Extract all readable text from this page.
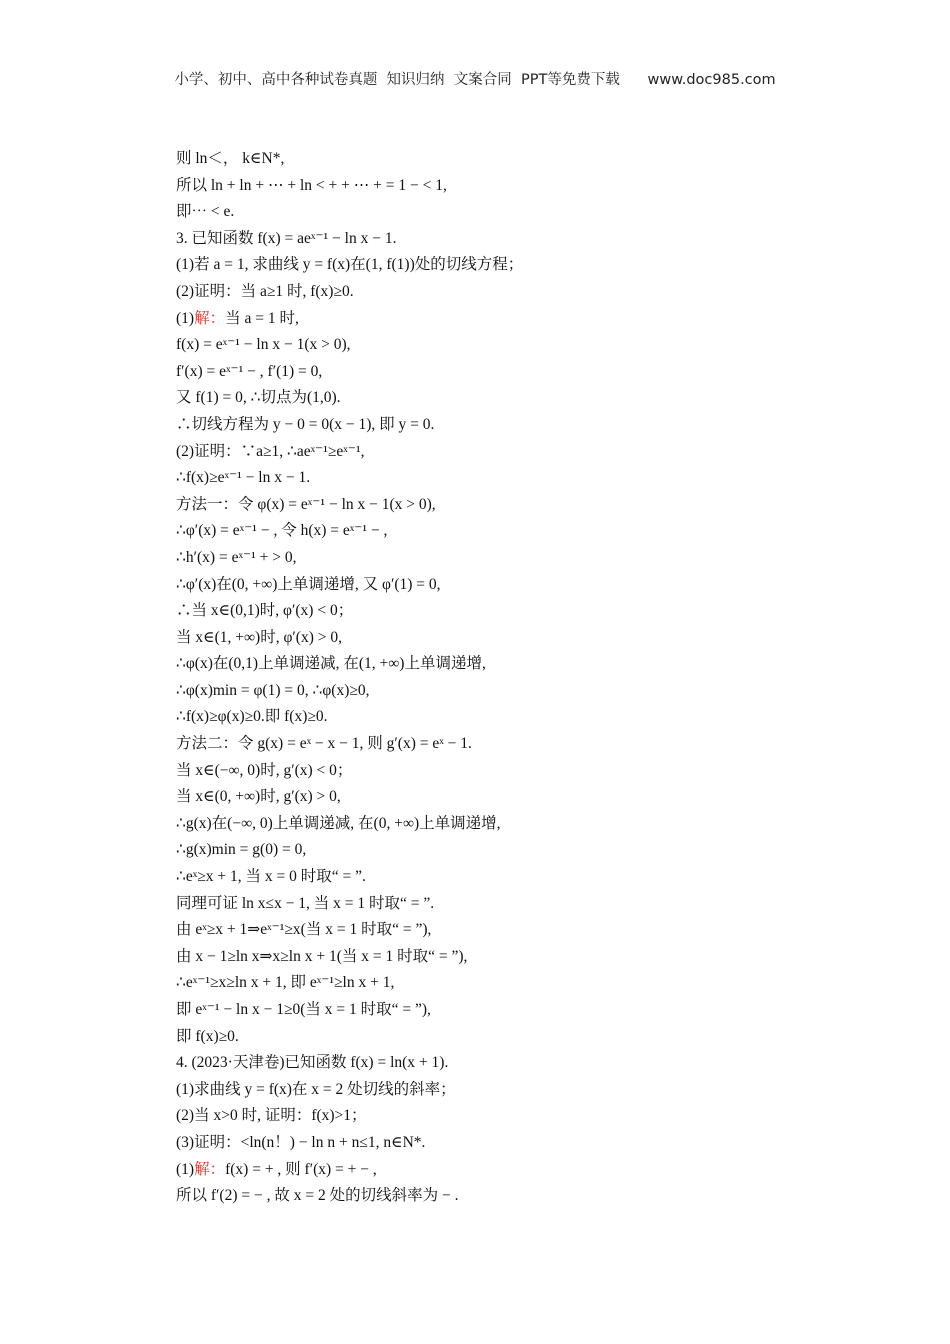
小学、初中、高中各种试卷真题  知识归纳  文案合同  PPT等免费下载      www.doc985.com
则 ln＜， k∈N*,
所以 ln + ln + ⋯ + ln < + + ⋯ + = 1 − < 1,
即⋯ < e.
3. 已知函数 f(x) = aeˣ⁻¹ − ln x − 1.
(1)若 a = 1, 求曲线 y = f(x)在(1, f(1))处的切线方程；
(2)证明：当 a≥1 时, f(x)≥0.
(1)解：当 a = 1 时,
f(x) = eˣ⁻¹ − ln x − 1(x > 0),
f′(x) = eˣ⁻¹ − , f′(1) = 0,
又 f(1) = 0, ∴切点为(1,0).
∴切线方程为 y − 0 = 0(x − 1), 即 y = 0.
(2)证明：∵a≥1, ∴aeˣ⁻¹≥eˣ⁻¹,
∴f(x)≥eˣ⁻¹ − ln x − 1.
方法一：令 φ(x) = eˣ⁻¹ − ln x − 1(x > 0),
∴φ′(x) = eˣ⁻¹ − , 令 h(x) = eˣ⁻¹ − ,
∴h′(x) = eˣ⁻¹ + > 0,
∴φ′(x)在(0, +∞)上单调递增, 又 φ′(1) = 0,
∴当 x∈(0,1)时, φ′(x) < 0；
当 x∈(1, +∞)时, φ′(x) > 0,
∴φ(x)在(0,1)上单调递减, 在(1, +∞)上单调递增,
∴φ(x)min = φ(1) = 0, ∴φ(x)≥0,
∴f(x)≥φ(x)≥0.即 f(x)≥0.
方法二：令 g(x) = eˣ − x − 1, 则 g′(x) = eˣ − 1.
当 x∈(−∞, 0)时, g′(x) < 0；
当 x∈(0, +∞)时, g′(x) > 0,
∴g(x)在(−∞, 0)上单调递减, 在(0, +∞)上单调递增,
∴g(x)min = g(0) = 0,
∴eˣ≥x + 1, 当 x = 0 时取“ = ”.
同理可证 ln x≤x − 1, 当 x = 1 时取“ = ”.
由 eˣ≥x + 1⇒eˣ⁻¹≥x(当 x = 1 时取“ = ”),
由 x − 1≥ln x⇒x≥ln x + 1(当 x = 1 时取“ = ”),
∴eˣ⁻¹≥x≥ln x + 1, 即 eˣ⁻¹≥ln x + 1,
即 eˣ⁻¹ − ln x − 1≥0(当 x = 1 时取“ = ”),
即 f(x)≥0.
4. (2023·天津卷)已知函数 f(x) = ln(x + 1).
(1)求曲线 y = f(x)在 x = 2 处切线的斜率；
(2)当 x>0 时, 证明：f(x)>1；
(3)证明：<ln(n！) − ln n + n≤1, n∈N*.
(1)解：f(x) = + , 则 f′(x) = + − ,
所以 f′(2) = − , 故 x = 2 处的切线斜率为 − .
